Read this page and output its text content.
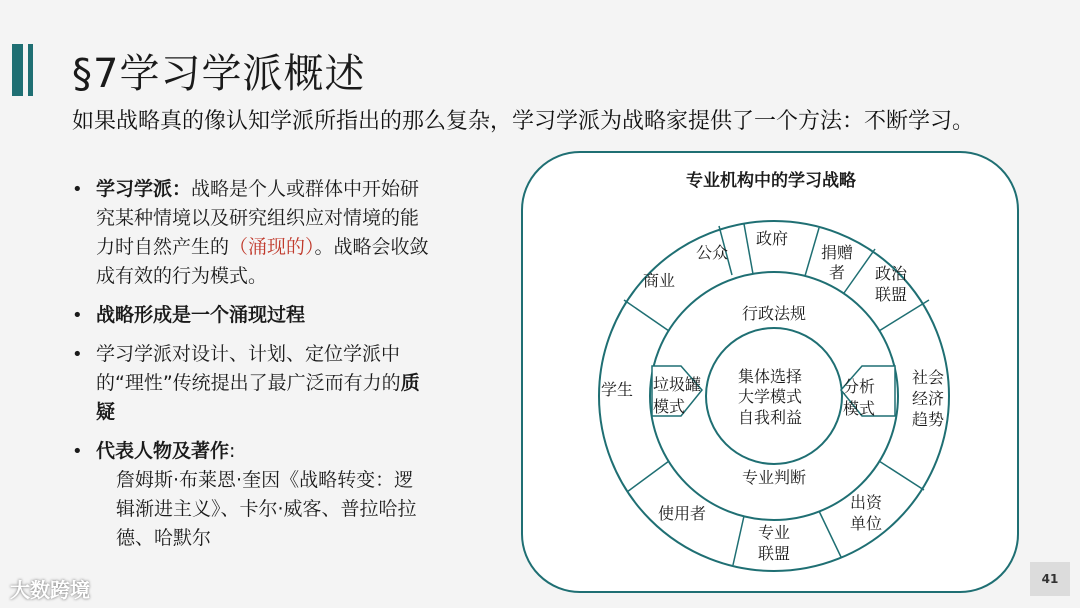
§7学习学派概述
如果战略真的像认知学派所指出的那么复杂，学习学派为战略家提供了一个方法：不断学习。
• 学习学派：战略是个人或群体中开始研究某种情境以及研究组织应对情境的能力时自然产生的（涌现的）。战略会收敛成有效的行为模式。
• 战略形成是一个涌现过程
• 学习学派对设计、计划、定位学派中的“理性”传统提出了最广泛而有力的质疑
• 代表人物及著作:
詹姆斯·布莱恩·奎因《战略转变：逻辑渐进主义》、卡尔·威客、普拉哈拉德、哈默尔
专业机构中的学习战略
商业
公众
政府
捐赠
者 政治
联盟
社会
经济
趋势
出资
单位
专业
联盟
使用者
学生
行政法规
专业判断
垃圾罐
模式
分析
模式
集体选择
大学模式
自我利益
大数跨境	41
